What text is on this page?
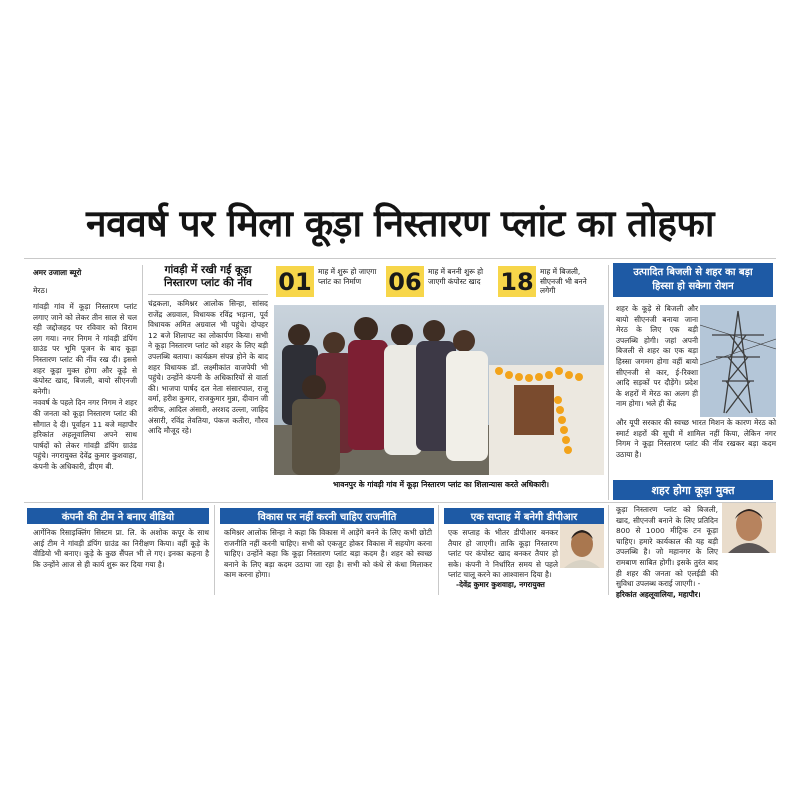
नववर्ष पर मिला कूड़ा निस्तारण प्लांट का तोहफा
अमर उजाला ब्यूरो
मेरठ।

गांवड़ी गांव में कूड़ा निस्तारण प्लांट लगाए जाने को लेकर तीन साल से चल रही जद्दोजहद पर रविवार को विराम लग गया। नगर निगम ने गांवड़ी डंपिंग ग्राउंड पर भूमि पूजन के बाद कूड़ा निस्तारण प्लांट की नींव रख दी। इससे शहर कूड़ा मुक्त होगा और कूड़े से कंपोस्ट खाद, बिजली, बायो सीएनजी बनेगी।

नववर्ष के पहले दिन नगर निगम ने शहर की जनता को कूड़ा निस्तारण प्लांट की सौगात दे दी। पूर्वाहन 11 बजे महापौर हरिकांत अहलूवालिया अपने साथ पार्षदों को लेकर गांवड़ी डंपिंग ग्राउंड पहुंचे। नगरायुक्त देवेंद्र कुमार कुशवाहा, कंपनी के अधिकारी, डीएम बी.

गांवड़ी में रखी गई कूड़ा
निस्तारण प्लांट की नींव
चंद्रकला, कमिश्नर आलोक सिन्हा, सांसद राजेंद्र अग्रवाल, विधायक रविंद्र भड़ाना, पूर्व विधायक अमित अग्रवाल भी पहुंचे। दोपहर 12 बजे शिलापट का लोकार्पण किया। सभी ने कूड़ा निस्तारण प्लांट को शहर के लिए बड़ी उपलब्धि बताया। कार्यक्रम संपन्न होने के बाद शहर विधायक डॉ. लक्ष्मीकांत वाजपेयी भी पहुंचे। उन्होंने कंपनी के अधिकारियों से वार्ता की। भाजपा पार्षद दल नेता संसारपाल, राजू वर्मा, हरीश कुमार, राजकुमार मुन्ना, दीवान जी शरीफ, आदिल अंसारी, अरशद उल्ला, जाहिद अंसारी, रविंद्र तेवतिया, पंकज कतीरा, गौरव आदि मौजूद रहे।
01 माह में शुरू हो जाएगा प्लांट का निर्माण	06 माह में बननी शुरू हो जाएगी कंपोस्ट खाद 18 माह में बिजली, सीएनजी भी बनने लगेगी
भावनपुर के गांवड़ी गांव में कूड़ा निस्तारण प्लांट का शिलान्यास करते अधिकारी।
उत्पादित बिजली से शहर का बड़ा
हिस्सा हो सकेगा रोशन
शहर के कूड़े से बिजली और बायो सीएनजी बनाया जाना मेरठ के लिए एक बड़ी उपलब्धि होगी। जहां अपनी बिजली से शहर का एक बड़ा हिस्सा जगमग होगा वहीं बायो सीएनजी से कार, ई-रिक्शा आदि सड़कों पर दौड़ेंगे। प्रदेश के शहरों में मेरठ का अलग ही नाम होगा। भले ही केंद्र
और यूपी सरकार की स्वच्छ भारत मिशन के कारण मेरठ को स्मार्ट शहरों की सूची में शामिल नहीं किया, लेकिन नगर निगम ने कूड़ा निस्तारण प्लांट की नींव रखकर बड़ा कदम उठाया है।
शहर होगा कूड़ा मुक्त
कूड़ा निस्तारण प्लांट को बिजली, खाद, सीएनजी बनाने के लिए प्रतिदिन 800 से 1000 मीट्रिक टन कूड़ा चाहिए। हमारे कार्यकाल की यह बड़ी उपलब्धि है। जो महानगर के लिए रामबाण साबित होगी। इसके तुरंत बाद ही शहर की जनता को एलईडी की सुविधा उपलब्ध कराई जाएगी। -
हरिकांत अहलूवालिया, महापौर।
कंपनी की टीम ने बनाए वीडियो
आर्गेनिक रिसाइक्लिंग सिस्टम प्रा. लि. के अशोक कपूर के साथ आई टीम ने गांवड़ी डंपिंग ग्राउंड का निरीक्षण किया। वहीं कूड़े के वीडियो भी बनाए। कूड़े के कुछ सैंपल भी ले गए। इनका कहना है कि उन्होंने आज से ही कार्य शुरू कर दिया गया है।
विकास पर नहीं करनी चाहिए राजनीति
कमिश्नर आलोक सिन्हा ने कहा कि विकास में आड़ेंगे बनने के लिए कभी छोटी राजनीति नहीं करनी चाहिए। सभी को एकजुट होकर विकास में सहयोग करना चाहिए। उन्होंने कहा कि कूड़ा निस्तारण प्लांट बड़ा कदम है। शहर को स्वच्छ बनाने के लिए बड़ा कदम उठाया जा रहा है। सभी को कंधे से कंधा मिलाकर काम करना होगा।
एक सप्ताह में बनेगी डीपीआर
एक सप्ताह के भीतर डीपीआर बनकर तैयार हो जाएगी। ताकि कूड़ा निस्तारण प्लांट पर कंपोस्ट खाद बनकर तैयार हो सके। कंपनी ने निर्धारित समय से पहले प्लांट चालू करने का आश्वासन दिया है।
-देवेंद्र कुमार कुशवाहा, नगरायुक्त
